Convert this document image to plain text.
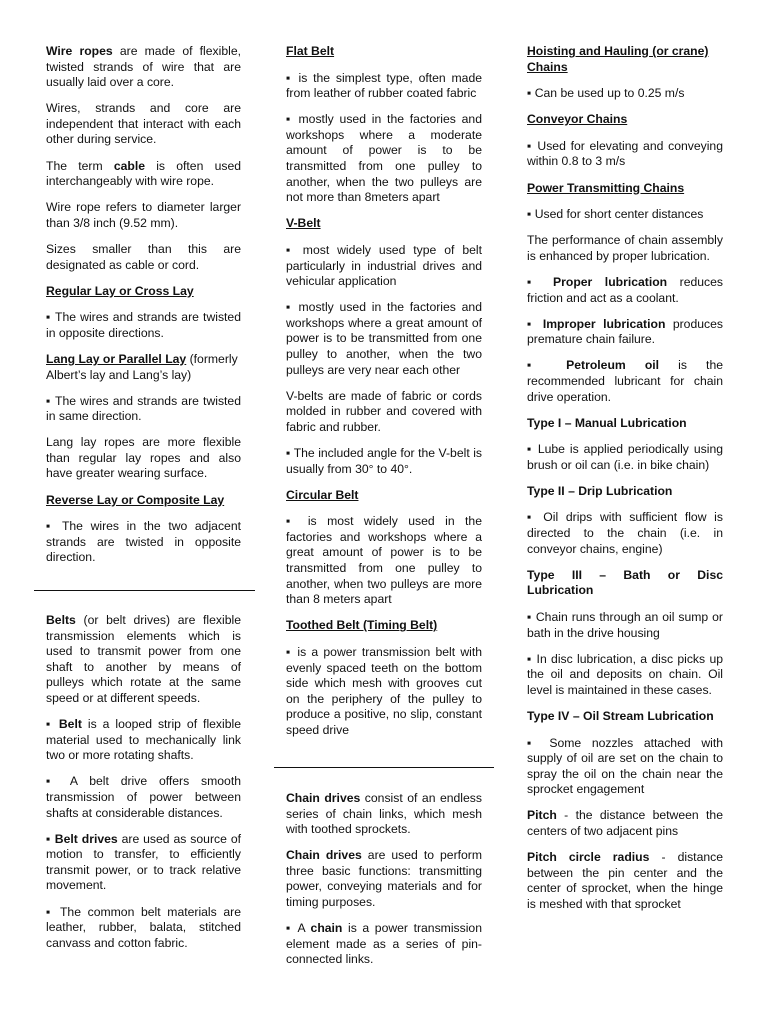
Wire ropes are made of flexible, twisted strands of wire that are usually laid over a core.

Wires, strands and core are independent that interact with each other during service.

The term cable is often used interchangeably with wire rope.

Wire rope refers to diameter larger than 3/8 inch (9.52 mm).

Sizes smaller than this are designated as cable or cord.

Regular Lay or Cross Lay

▪ The wires and strands are twisted in opposite directions.

Lang Lay or Parallel Lay (formerly Albert’s lay and Lang’s lay)

▪ The wires and strands are twisted in same direction.

Lang lay ropes are more flexible than regular lay ropes and also have greater wearing surface.

Reverse Lay or Composite Lay

▪ The wires in the two adjacent strands are twisted in opposite direction.

Belts (or belt drives) are flexible transmission elements which is used to transmit power from one shaft to another by means of pulleys which rotate at the same speed or at different speeds.

▪ Belt is a looped strip of flexible material used to mechanically link two or more rotating shafts.

▪ A belt drive offers smooth transmission of power between shafts at considerable distances.

▪ Belt drives are used as source of motion to transfer, to efficiently transmit power, or to track relative movement.

▪ The common belt materials are leather, rubber, balata, stitched canvass and cotton fabric.

Flat Belt

▪ is the simplest type, often made from leather of rubber coated fabric

▪ mostly used in the factories and workshops where a moderate amount of power is to be transmitted from one pulley to another, when the two pulleys are not more than 8meters apart

V-Belt

▪ most widely used type of belt particularly in industrial drives and vehicular application

▪ mostly used in the factories and workshops where a great amount of power is to be transmitted from one pulley to another, when the two pulleys are very near each other

V-belts are made of fabric or cords molded in rubber and covered with fabric and rubber.

▪ The included angle for the V-belt is usually from 30° to 40°.

Circular Belt

▪ is most widely used in the factories and workshops where a great amount of power is to be transmitted from one pulley to another, when two pulleys are more than 8 meters apart

Toothed Belt (Timing Belt)

▪ is a power transmission belt with evenly spaced teeth on the bottom side which mesh with grooves cut on the periphery of the pulley to produce a positive, no slip, constant speed drive

Chain drives consist of an endless series of chain links, which mesh with toothed sprockets.

Chain drives are used to perform three basic functions: transmitting power, conveying materials and for timing purposes.

▪ A chain is a power transmission element made as a series of pin-connected links.

Hoisting and Hauling (or crane) Chains

▪ Can be used up to 0.25 m/s

Conveyor Chains

▪ Used for elevating and conveying within 0.8 to 3 m/s

Power Transmitting Chains

▪ Used for short center distances

The performance of chain assembly is enhanced by proper lubrication.

▪ Proper lubrication reduces friction and act as a coolant.

▪ Improper lubrication produces premature chain failure.

▪ Petroleum oil is the recommended lubricant for chain drive operation.

Type I – Manual Lubrication

▪ Lube is applied periodically using brush or oil can (i.e. in bike chain)

Type II – Drip Lubrication

▪ Oil drips with sufficient flow is directed to the chain (i.e. in conveyor chains, engine)

Type III – Bath or Disc Lubrication

▪ Chain runs through an oil sump or bath in the drive housing

▪ In disc lubrication, a disc picks up the oil and deposits on chain. Oil level is maintained in these cases.

Type IV – Oil Stream Lubrication

▪ Some nozzles attached with supply of oil are set on the chain to spray the oil on the chain near the sprocket engagement

Pitch - the distance between the centers of two adjacent pins

Pitch circle radius - distance between the pin center and the center of sprocket, when the hinge is meshed with that sprocket
